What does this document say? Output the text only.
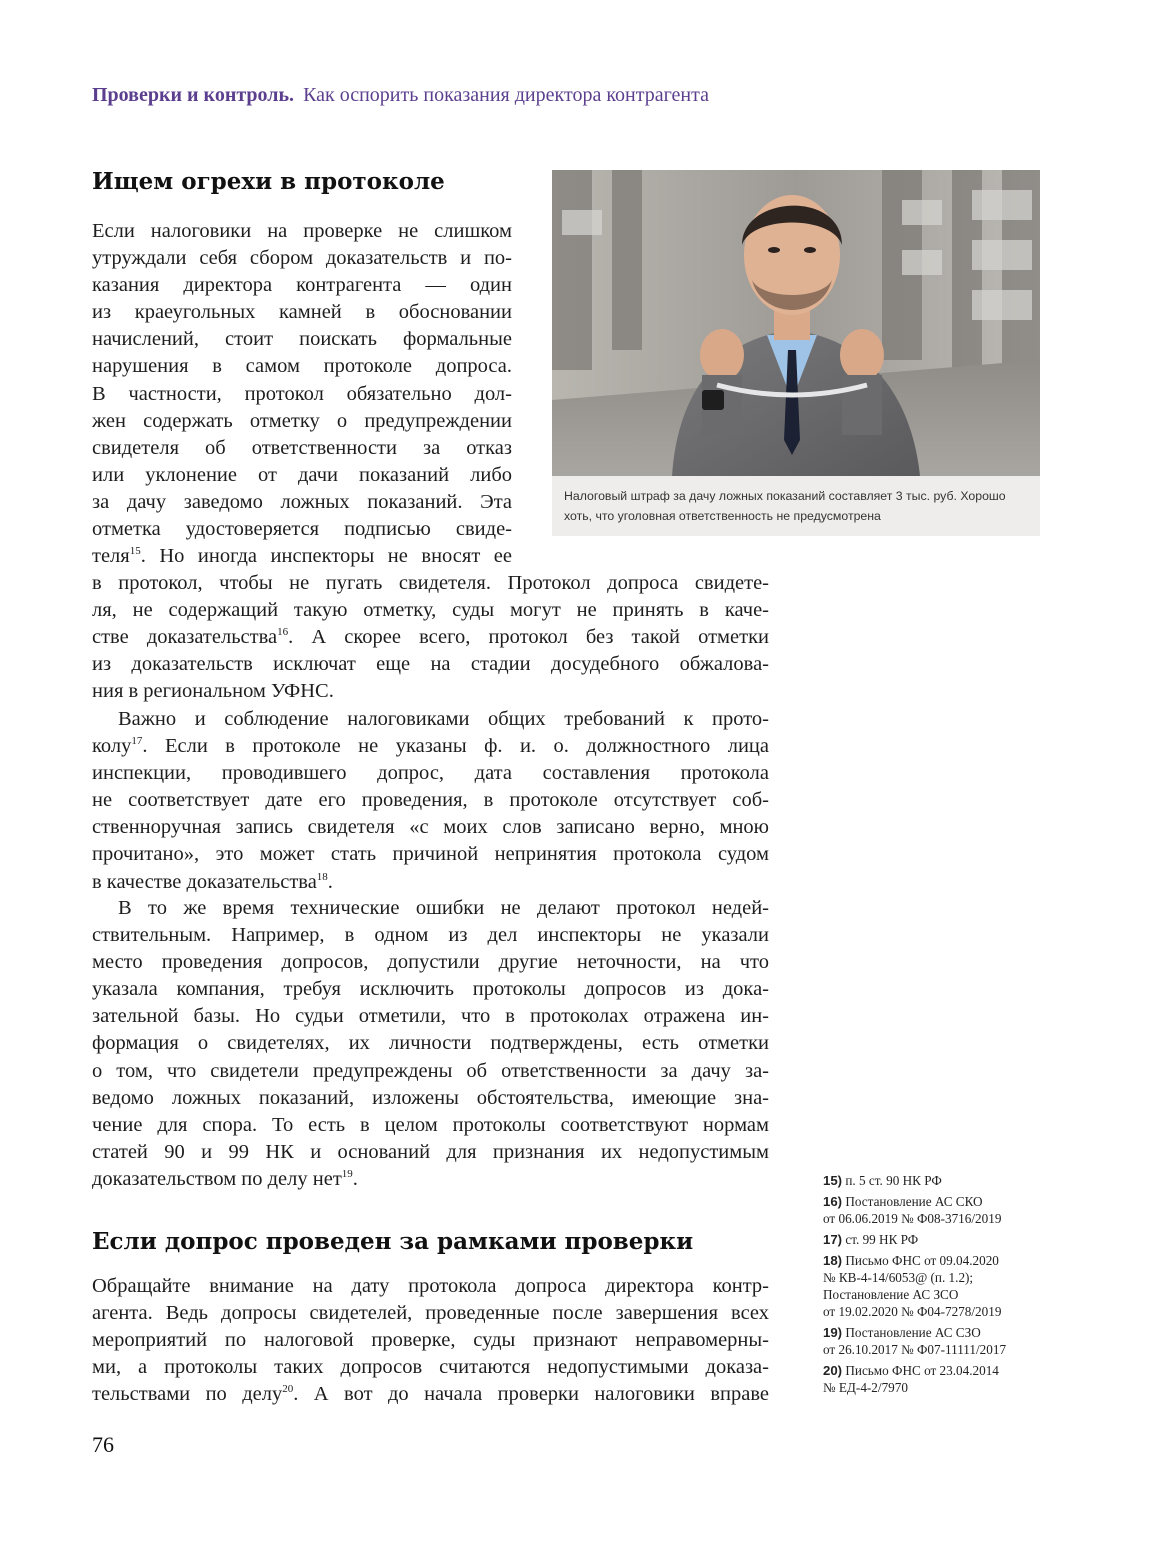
Проверки и контроль. Как оспорить показания директора контрагента
Ищем огрехи в протоколе

Если налоговики на проверке не слишком
утруждали себя сбором доказательств и по-
казания директора контрагента — один
из краеугольных камней в обосновании
начислений, стоит поискать формальные
нарушения в самом протоколе допроса.
В частности, протокол обязательно дол-
жен содержать отметку о предупреждении
свидетеля об ответственности за отказ
или уклонение от дачи показаний либо
за дачу заведомо ложных показаний. Эта
отметка удостоверяется подписью свиде-
теля$^{15}$. Но иногда инспекторы не вносят ее

в протокол, чтобы не пугать свидетеля. Протокол допроса свидете-
ля, не содержащий такую отметку, суды могут не принять в каче-
стве доказательства$^{16}$. А скорее всего, протокол без такой отметки
из доказательств исключат еще на стадии досудебного обжалова-
ния в региональном УФНС.

Важно и соблюдение налоговиками общих требований к прото-
колу$^{17}$. Если в протоколе не указаны ф. и. о. должностного лица
инспекции, проводившего допрос, дата составления протокола
не соответствует дате его проведения, в протоколе отсутствует соб-
ственноручная запись свидетеля «с моих слов записано верно, мною
прочитано», это может стать причиной непринятия протокола судом
в качестве доказательства$^{18}$.

В то же время технические ошибки не делают протокол недей-
ствительным. Например, в одном из дел инспекторы не указали
место проведения допросов, допустили другие неточности, на что
указала компания, требуя исключить протоколы допросов из дока-
зательной базы. Но судьи отметили, что в протоколах отражена ин-
формация о свидетелях, их личности подтверждены, есть отметки
о том, что свидетели предупреждены об ответственности за дачу за-
ведомо ложных показаний, изложены обстоятельства, имеющие зна-
чение для спора. То есть в целом протоколы соответствуют нормам
статей 90 и 99 НК и оснований для признания их недопустимым
доказательством по делу нет$^{19}$.

Если допрос проведен за рамками проверки

Обращайте внимание на дату протокола допроса директора контр-
агента. Ведь допросы свидетелей, проведенные после завершения всех
мероприятий по налоговой проверке, суды признают неправомерны-
ми, а протоколы таких допросов считаются недопустимыми доказа-
тельствами по делу$^{20}$. А вот до начала проверки налоговики вправе

Налоговый штраф за дачу ложных показаний составляет 3 тыс. руб. Хорошо
хоть, что уголовная ответственность не предусмотрена
15) п. 5 ст. 90 НК РФ
16) Постановление АС СКО
от 06.06.2019 № Ф08-3716/2019
17) ст. 99 НК РФ
18) Письмо ФНС от 09.04.2020
№ КВ-4-14/6053@ (п. 1.2);
Постановление АС ЗСО
от 19.02.2020 № Ф04-7278/2019
19) Постановление АС СЗО
от 26.10.2017 № Ф07-11111/2017
20) Письмо ФНС от 23.04.2014
№ ЕД-4-2/7970
76
